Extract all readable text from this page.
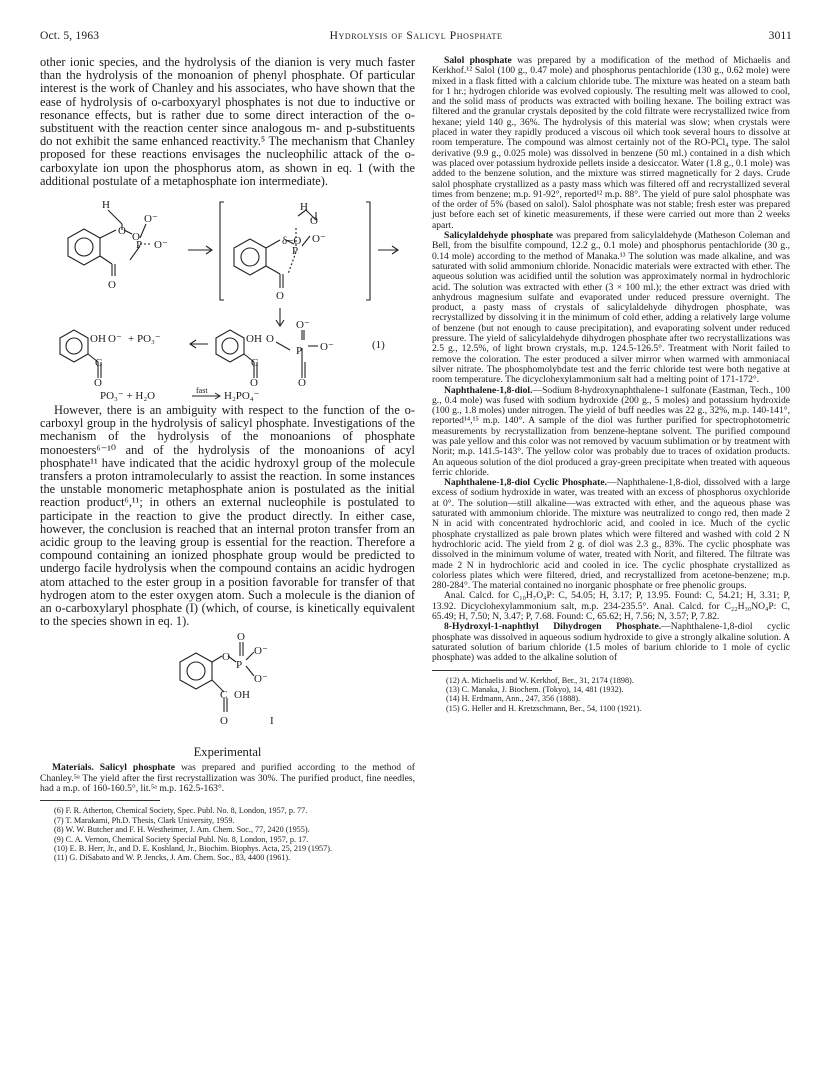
Oct. 5, 1963	Hydrolysis of Salicyl Phosphate	3011

other ionic species, and the hydrolysis of the dianion is very much faster than the hydrolysis of the monoanion of phenyl phosphate. Of particular interest is the work of Chanley and his associates, who have shown that the ease of hydrolysis of o-carboxyaryl phosphates is not due to inductive or resonance effects, but is rather due to some direct interaction of the o-substituent with the reaction center since analogous m- and p-substituents do not exhibit the same enhanced reactivity.⁵ The mechanism that Chanley proposed for these reactions envisages the nucleophilic attack of the o-carboxylate ion upon the phosphorus atom, as shown in eq. 1 (with the additional postulate of a metaphosphate ion intermediate).

H
O O
O⁻
P O⁻
O
H
O
δ−O
P
O⁻
O
OH O⁻ + PO₃⁻
C
O
OH O
P
O⁻
O⁻	(1)
C
O	O
PO₃⁻ + H₂O	fast H₂PO₄⁻

However, there is an ambiguity with respect to the function of the o-carboxyl group in the hydrolysis of salicyl phosphate. Investigations of the mechanism of the hydrolysis of the monoanions of phosphate monoesters⁶⁻¹⁰ and of the hydrolysis of the monoanions of acyl phosphate¹¹ have indicated that the acidic hydroxyl group of the molecule transfers a proton intramolecularly to assist the reaction. In some instances the unstable monomeric metaphosphate anion is postulated as the initial reaction product⁶,¹¹; in others an external nucleophile is postulated to participate in the reaction to give the product directly. In either case, however, the conclusion is reached that an internal proton transfer from an acidic group to the leaving group is essential for the reaction. Therefore a compound containing an ionized phosphate group would be predicted to undergo facile hydrolysis when the compound contains an acidic hydrogen atom attached to the ester group in a position favorable for transfer of that hydrogen atom to the ester oxygen atom. Such a molecule is the dianion of an o-carboxylaryl phosphate (I) (which, of course, is kinetically equivalent to the species shown in eq. 1).

O
O
P
O⁻
O⁻
C OH
O	I
Experimental

Materials. Salicyl phosphate was prepared and purified according to the method of Chanley.⁵ᵃ The yield after the first recrystallization was 30%. The purified product, fine needles, had a m.p. of 160-160.5°, lit.⁵ᵃ m.p. 162.5-163°.

(6) F. R. Atherton, Chemical Society, Spec. Publ. No. 8, London, 1957, p. 77.
(7) T. Marakami, Ph.D. Thesis, Clark University, 1959.
(8) W. W. Butcher and F. H. Westheimer, J. Am. Chem. Soc., 77, 2420 (1955).
(9) C. A. Vernon, Chemical Society Special Publ. No. 8, London, 1957, p. 17.
(10) E. B. Herr, Jr., and D. E. Koshland, Jr., Biochim. Biophys. Acta, 25, 219 (1957).
(11) G. DiSabato and W. P. Jencks, J. Am. Chem. Soc., 83, 4400 (1961).

Salol phosphate was prepared by a modification of the method of Michaelis and Kerkhof.¹² Salol (100 g., 0.47 mole) and phosphorus pentachloride (130 g., 0.62 mole) were mixed in a flask fitted with a calcium chloride tube. The mixture was heated on a steam bath for 1 hr.; hydrogen chloride was evolved copiously. The resulting melt was allowed to cool, and the solid mass of products was extracted with boiling hexane. The boiling extract was filtered and the granular crystals deposited by the cold filtrate were recrystallized twice from hexane; yield 140 g., 36%. The hydrolysis of this material was slow; when crystals were placed in water they rapidly produced a viscous oil which took several hours to dissolve at room temperature. The compound was almost certainly not of the RO-PCl₄ type. The salol derivative (9.9 g., 0.025 mole) was dissolved in benzene (50 ml.) contained in a dish which was placed over potassium hydroxide pellets inside a desiccator. Water (1.8 g., 0.1 mole) was added to the benzene solution, and the mixture was stirred magnetically for 2 days. Crude salol phosphate crystallized as a pasty mass which was filtered off and recrystallized several times from benzene; m.p. 91-92°, reported¹² m.p. 88°. The yield of pure salol phosphate was of the order of 5% (based on salol). Salol phosphate was not stable; fresh ester was prepared just before each set of kinetic measurements, if these were carried out more than 2 weeks apart.

Salicylaldehyde phosphate was prepared from salicylaldehyde (Matheson Coleman and Bell, from the bisulfite compound, 12.2 g., 0.1 mole) and phosphorus pentachloride (30 g., 0.14 mole) according to the method of Manaka.¹³ The solution was made alkaline, and was saturated with solid ammonium chloride. Nonacidic materials were extracted with ether. The aqueous solution was acidified until the solution was approximately normal in hydrochloric acid. The solution was extracted with ether (3 × 100 ml.); the ether extract was dried with anhydrous magnesium sulfate and evaporated under reduced pressure overnight. The product, a pasty mass of crystals of salicylaldehyde dihydrogen phosphate, was recrystallized by dissolving it in the minimum of cold ether, adding a relatively large volume of benzene (but not enough to cause precipitation), and evaporating solvent under reduced pressure. The yield of salicylaldehyde dihydrogen phosphate after two recrystallizations was 2.5 g., 12.5%, of light brown crystals, m.p. 124.5-126.5°. Treatment with Norit failed to remove the coloration. The ester produced a silver mirror when warmed with ammoniacal silver nitrate. The phosphomolybdate test and the ferric chloride test were both negative at room temperature. The dicyclohexylammonium salt had a melting point of 171-172°.

Naphthalene-1,8-diol.—Sodium 8-hydroxynaphthalene-1 sulfonate (Eastman, Tech., 100 g., 0.4 mole) was fused with sodium hydroxide (200 g., 5 moles) and potassium hydroxide (100 g., 1.8 moles) under nitrogen. The yield of buff needles was 22 g., 32%, m.p. 140-141°, reported¹⁴,¹⁵ m.p. 140°. A sample of the diol was further purified for spectrophotometric measurements by recrystallization from benzene-heptane solvent. The purified compound was pale yellow and this color was not removed by vacuum sublimation or by treatment with Norit; m.p. 141.5-143°. The yellow color was probably due to traces of oxidation products. An aqueous solution of the diol produced a gray-green precipitate when treated with aqueous ferric chloride.

Naphthalene-1,8-diol Cyclic Phosphate.—Naphthalene-1,8-diol, dissolved with a large excess of sodium hydroxide in water, was treated with an excess of phosphorus oxychloride at 0°. The solution—still alkaline—was extracted with ether, and the aqueous phase was saturated with ammonium chloride. The mixture was neutralized to congo red, then made 2 N in acid with concentrated hydrochloric acid, and cooled in ice. Much of the cyclic phosphate crystallized as pale brown plates which were filtered and washed with cold 2 N hydrochloric acid. The yield from 2 g. of diol was 2.3 g., 83%. The cyclic phosphate was dissolved in the minimum volume of water, treated with Norit, and filtered. The filtrate was made 2 N in hydrochloric acid and cooled in ice. The cyclic phosphate crystallized as colorless plates which were filtered, dried, and recrystallized from acetone-benzene; m.p. 280-284°. The material contained no inorganic phosphate or free phenolic groups.

Anal. Calcd. for C₁₀H₇O₄P: C, 54.05; H, 3.17; P, 13.95. Found: C, 54.21; H, 3.31; P, 13.92. Dicyclohexylammonium salt, m.p. 234-235.5°. Anal. Calcd. for C₂₂H₃₀NO₄P: C, 65.49; H, 7.50; N, 3.47; P, 7.68. Found: C, 65.62; H, 7.56; N, 3.57; P, 7.82.

8-Hydroxyl-1-naphthyl Dihydrogen Phosphate.—Naphthalene-1,8-diol cyclic phosphate was dissolved in aqueous sodium hydroxide to give a strongly alkaline solution. A saturated solution of barium chloride (1.5 moles of barium chloride to 1 mole of cyclic phosphate) was added to the alkaline solution of

(12) A. Michaelis and W. Kerkhof, Ber., 31, 2174 (1898).
(13) C. Manaka, J. Biochem. (Tokyo), 14, 481 (1932).
(14) H. Erdmann, Ann., 247, 356 (1888).
(15) G. Heller and H. Kretzschmann, Ber., 54, 1100 (1921).
